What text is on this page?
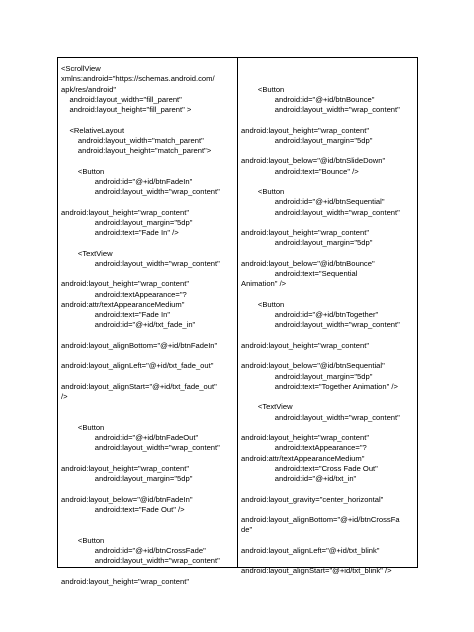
<ScrollView
xmlns:android="https://schemas.android.com/
apk/res/android"
android:layout_width="fill_parent"
android:layout_height="fill_parent" >
<RelativeLayout
android:layout_width="match_parent"
android:layout_height="match_parent">
<Button
android:id="@+id/btnFadeIn"
android:layout_width="wrap_content"
android:layout_height="wrap_content"
android:layout_margin="5dp"
android:text="Fade In" />
<TextView
android:layout_width="wrap_content"
android:layout_height="wrap_content"
android:textAppearance="?
android:attr/textAppearanceMedium"
android:text="Fade In"
android:id="@+id/txt_fade_in"
android:layout_alignBottom="@+id/btnFadeIn"
android:layout_alignLeft="@+id/txt_fade_out"
android:layout_alignStart="@+id/txt_fade_out"
/>
<Button
android:id="@+id/btnFadeOut"
android:layout_width="wrap_content"
android:layout_height="wrap_content"
android:layout_margin="5dp"
android:layout_below="@id/btnFadeIn"
android:text="Fade Out" />
<Button
android:id="@+id/btnCrossFade"
android:layout_width="wrap_content"
android:layout_height="wrap_content"
<Button
android:id="@+id/btnBounce"
android:layout_width="wrap_content"
android:layout_height="wrap_content"
android:layout_margin="5dp"
android:layout_below="@id/btnSlideDown"
android:text="Bounce" />
<Button
android:id="@+id/btnSequential"
android:layout_width="wrap_content"
android:layout_height="wrap_content"
android:layout_margin="5dp"
android:layout_below="@id/btnBounce"
android:text="Sequential
Animation" />
<Button
android:id="@+id/btnTogether"
android:layout_width="wrap_content"
android:layout_height="wrap_content"
android:layout_below="@id/btnSequential"
android:layout_margin="5dp"
android:text="Together Animation" />
<TextView
android:layout_width="wrap_content"
android:layout_height="wrap_content"
android:textAppearance="?
android:attr/textAppearanceMedium"
android:text="Cross Fade Out"
android:id="@+id/txt_in"
android:layout_gravity="center_horizontal"
android:layout_alignBottom="@+id/btnCrossFa
de"
android:layout_alignLeft="@+id/txt_blink"
android:layout_alignStart="@+id/txt_blink" />
